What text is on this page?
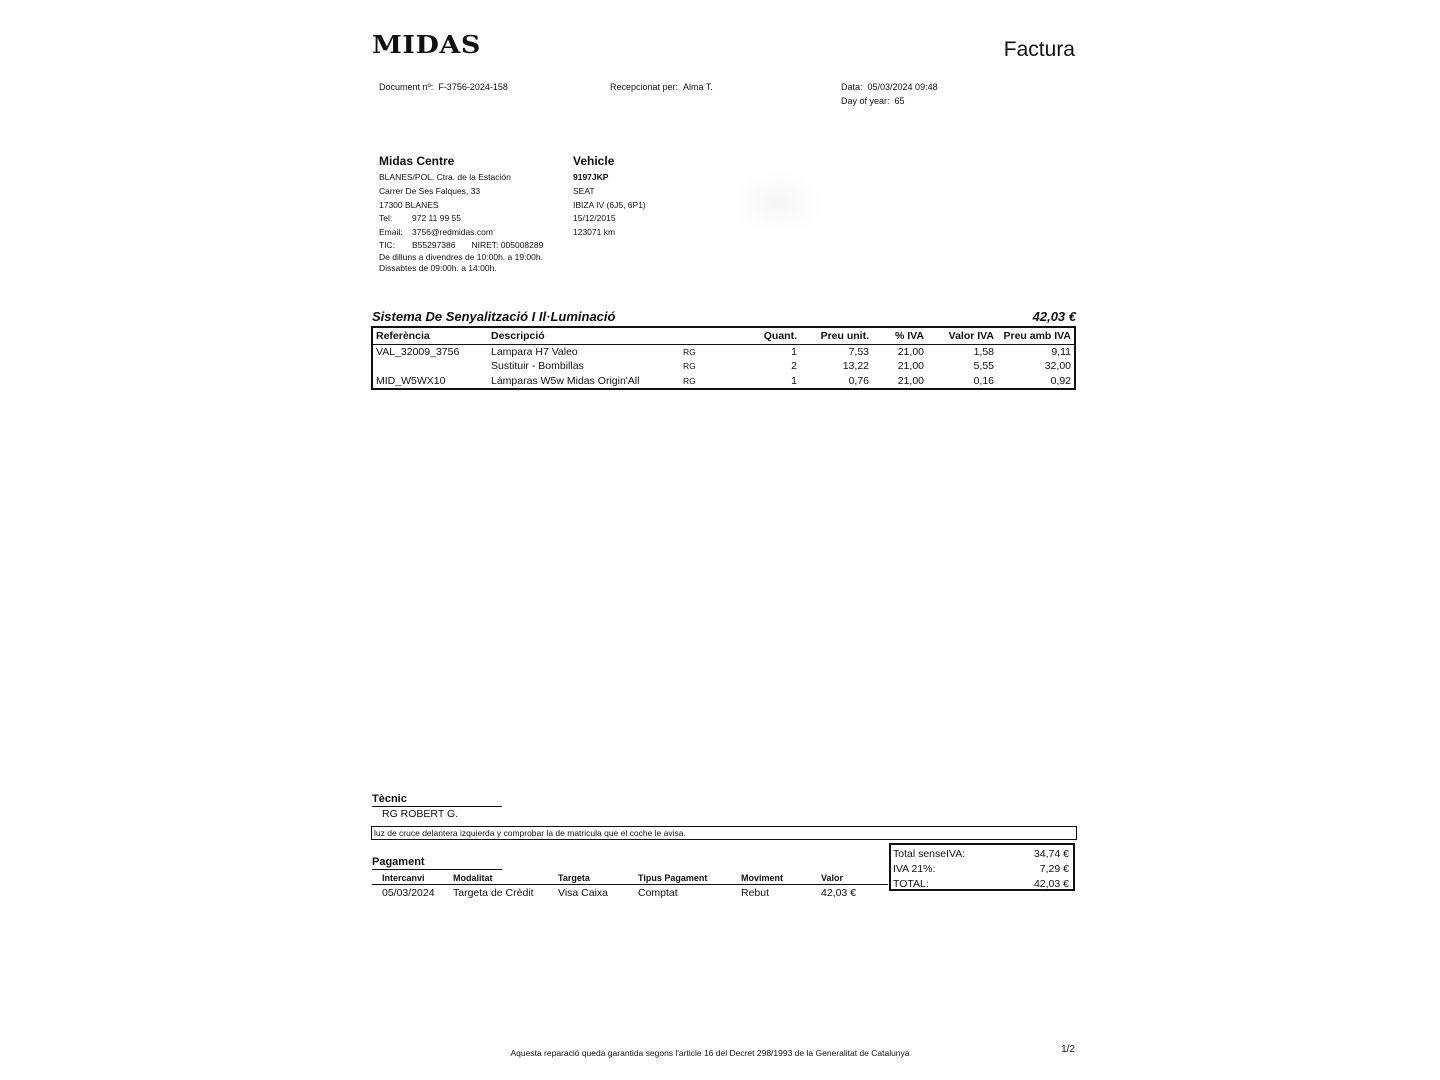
MIDAS	Factura
Document nº: F-3756-2024-158	Recepcionat per: Alma T.	Data: 05/03/2024 09:48
Day of year: 65
Midas Centre
BLANES/POL. Ctra. de la Estación
Carrer De Ses Falques, 33
17300 BLANES
Tel: 972 11 99 55
Email: 3756@redmidas.com
TIC: B55297386 NIRET: 005008289
De dilluns a divendres de 10:00h. a 19:00h.
Dissabtes de 09:00h. a 14:00h.
Vehicle
9197JKP
SEAT
IBIZA IV (6J5, 6P1)
15/12/2015
123071 km
Sistema De Senyalització I Il·Luminació	42,03 €
Referència	Descripció		Quant.	Preu unit.	% IVA	Valor IVA	Preu amb IVA
VAL_32009_3756	Lampara H7 Valeo	RG	1	7,53	21,00	1,58	9,11
	Sustituir - Bombillas	RG	2	13,22	21,00	5,55	32,00
MID_W5WX10	Lámparas W5w Midas Origin'All	RG	1	0,76	21,00	0,16	0,92
Tècnic
RG ROBERT G.
luz de cruce delantera izquierda y comprobar la de matricula que el coche le avisa.
Pagament
Intercanvi	Modalitat	Targeta	Tipus Pagament	Moviment	Valor
05/03/2024	Targeta de Crèdit	Visa Caixa	Comptat	Rebut	42,03 €
Total senseIVA:	34,74 €
IVA 21%:	7,29 €
TOTAL:	42,03 €
Aquesta reparació queda garantida segons l'article 16 del Decret 298/1993 de la Generalitat de Catalunya	1/2
